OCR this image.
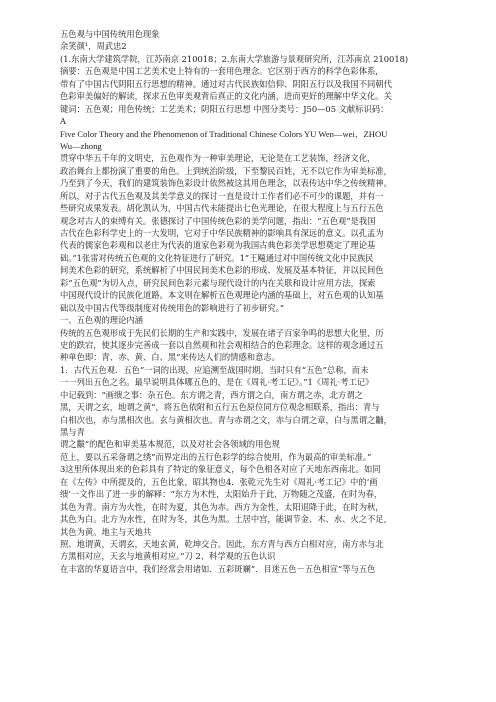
五色观与中国传统用色现象
余笑颜¹，周武忠2
(1.东南大学建筑学院，江苏南京 210018；2.东南大学旅游与景观研究所，江苏南京 210018)
摘要：五色观是中国工艺美术史上特有的一套用色理念。它区别于西方的科学色彩体系，
带有了中国古代阴阳五行思想的精神。通过对古代民族如信仰、阴阳五行以及我国不同朝代
色彩审美偏好的解读，探求五色审美观背后真正的文化内涵，进而更好的理解中华文化。关
键词：五色观；用色传统；工艺美术；阴阳五行思想 中图分类号：J50—05 文献标识码：
A
Five Color Theory and the Phenomenon of Traditional Chinese Colors YU Wen—wei，ZHOU
Wu—zhong
贯穿中华五千年的文明史，五色观作为一种审美理论，无论是在工艺装饰，经济文化，
政治舞台上都扮演了重要的角色。上到统治阶级，下至黎民百姓，无不以它作为审美标准，
乃至到了今天，我们的建筑装饰色彩设计依然被这其用色理念，以表传达中华之传统精神。
所以，对于古代五色观及其美学意义的探讨一直是设计工作者们必不可少的课题，并有一
些研究成果发表。胡化凯认为，中国古代未能提出七色光理论，在很大程度上与五行五色
观念对古人的束缚有关。张德探讨了中国传统色彩的美学问题，指出：“五色观”是我国
古代在色彩科学史上的一大发明，它对于中华民族精神的影响具有深远的意义。以孔孟为
代表的儒家色彩观和以老庄为代表的道家色彩观为我国古典色彩美学思想奠定了理论基
础。”1张雷对传统五色观的文化特征进行了研究。1”王飚通过对中国传统文化中民族民
间美术色彩的研究，系统解析了中国民间美术色彩的形成、发展及基本特征，并以民间色
彩“五色观”为切入点，研究民间色彩元素与现代设计的内在关联和设计应用方法，探索
中国现代设计的民族化道路。本文则在解析五色观理论内涵的基础上，对五色观的认知基
础以及中国古代等级制度对传统用色的影响进行了初步研究。”
一、五色观的理论内涵
传统的五色观形成于先民们长期的生产和实践中，发展在诸子百家争鸣的思想大化里，历
史的跌宕，使其逐步完善成一套以自然观和社会观相结合的色彩理念。这样的观念通过五
种单色即：青、赤、黄、白、黑”来传达人们的情感和意志。
1．古代五色观．五色”一词的出现，应追溯至战国时期。当时只有“五色”总称，而未
一一列出五色之名。最早说明具体哪五色的，是在《周礼·考工记》。”1《周礼·考工记》
中记载到：“画缋之事：杂五色。东方谓之青，西方谓之白，南方谓之赤，北方谓之
黑，天谓之玄，地谓之黄”，将五色依附和五行五色原位同方位观念相联系，指出：青与
白相次也，赤与黑相次也。玄与黄相次也。青与赤谓之文，赤与白谓之章，白与黑谓之黼，
黑与青
谓之黻”的配色和审美基本规范，以及对社会各领域的用色规
范上，要以五采备谓之绣”而界定出的五行色彩学的综合使用，作为最高的审美标准。”
3这里所体现出来的色彩具有了特定的象征意义，每个色相各对应了天地东西南北。如同
在《左传》中所提及的，五色比象，昭其物也4．张乾元先生对《周礼·考工记》中的‘画
缋’一文作出了进一步的解释：“东方为木性，太阳始升于此，万物随之茂盛，在时为春，
其色为青。南方为火性，在时为夏，其色为赤。西方为金性，太阳退降于此，在时为秋，
其色为白。北方为水性，在时为冬，其色为黑。土居中宫，能调节金、木、水、火之不足，
其色为黄。地主与天地共
照、地谓黄，天谓玄，天地玄黄，乾坤交合。因此，东方青与西方白相对应，南方赤与北
方黑相对应，天玄与地黄相对应。”刀 2、科学观的五色认识
在丰富的华夏语言中，我们经常会用诸如．五彩斑斓”．目迷五色－五色相宣”等与五色
